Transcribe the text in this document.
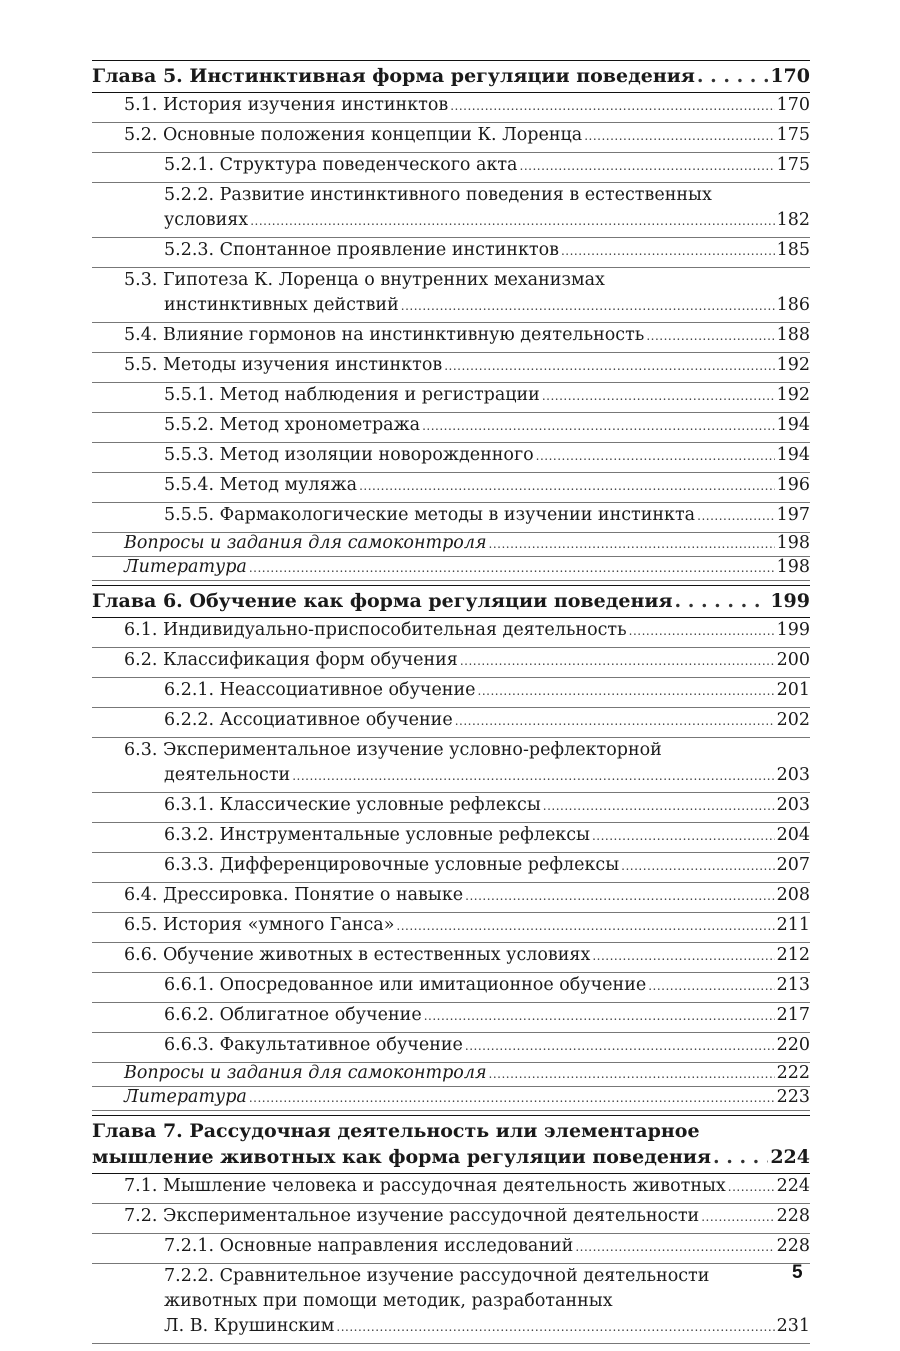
Глава 5. Инстинктивная форма регуляции поведения . . .	170
5.1. История изучения инстинктов .....	170
5.2. Основные положения концепции К. Лоренца .....	175
5.2.1. Структура поведенческого акта .....	175
5.2.2. Развитие инстинктивного поведения в естественных
условиях .....	182
5.2.3. Спонтанное проявление инстинктов .....	185
5.3. Гипотеза К. Лоренца о внутренних механизмах
инстинктивных действий .....	186
5.4. Влияние гормонов на инстинктивную деятельность .....	188
5.5. Методы изучения инстинктов .....	192
5.5.1. Метод наблюдения и регистрации .....	192
5.5.2. Метод хронометража .....	194
5.5.3. Метод изоляции новорожденного .....	194
5.5.4. Метод муляжа .....	196
5.5.5. Фармакологические методы в изучении инстинкта .....	197
Вопросы и задания для самоконтроля .....	198
Литература .....	198
Глава 6. Обучение как форма регуляции поведения . . .	199
6.1. Индивидуально-приспособительная деятельность .....	199
6.2. Классификация форм обучения .....	200
6.2.1. Неассоциативное обучение .....	201
6.2.2. Ассоциативное обучение .....	202
6.3. Экспериментальное изучение условно-рефлекторной
деятельности .....	203
6.3.1. Классические условные рефлексы .....	203
6.3.2. Инструментальные условные рефлексы .....	204
6.3.3. Дифференцировочные условные рефлексы .....	207
6.4. Дрессировка. Понятие о навыке .....	208
6.5. История «умного Ганса» .....	211
6.6. Обучение животных в естественных условиях .....	212
6.6.1. Опосредованное или имитационное обучение .....	213
6.6.2. Облигатное обучение .....	217
6.6.3. Факультативное обучение .....	220
Вопросы и задания для самоконтроля .....	222
Литература .....	223
Глава 7. Рассудочная деятельность или элементарное
мышление животных как форма регуляции поведения . . .	224
7.1. Мышление человека и рассудочная деятельность животных .....	224
7.2. Экспериментальное изучение рассудочной деятельности .....	228
7.2.1. Основные направления исследований .....	228
7.2.2. Сравнительное изучение рассудочной деятельности
животных при помощи методик, разработанных
Л. В. Крушинским .....	231
5
